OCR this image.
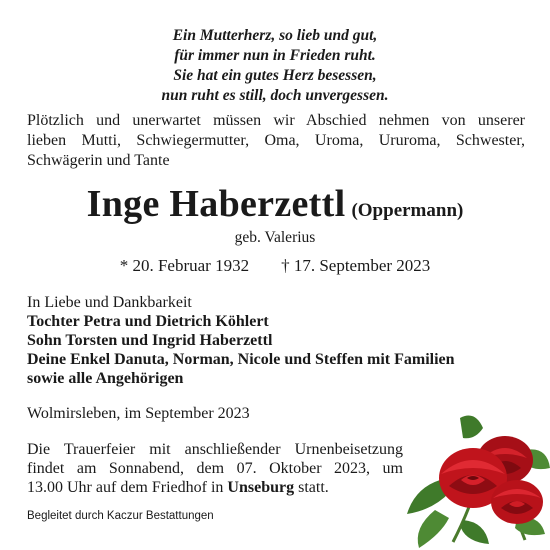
Ein Mutterherz, so lieb und gut,
für immer nun in Frieden ruht.
Sie hat ein gutes Herz besessen,
nun ruht es still, doch unvergessen.
Plötzlich und unerwartet müssen wir Abschied nehmen von unserer
lieben Mutti, Schwiegermutter, Oma, Uroma, Ururoma, Schwester,
Schwägerin und Tante
Inge Haberzettl (Oppermann)
geb. Valerius
* 20. Februar 1932 † 17. September 2023
In Liebe und Dankbarkeit
Tochter Petra und Dietrich Köhlert
Sohn Torsten und Ingrid Haberzettl
Deine Enkel Danuta, Norman, Nicole und Steffen mit Familien
sowie alle Angehörigen
Wolmirsleben, im September 2023
Die Trauerfeier mit anschließender Urnenbeisetzung
findet am Sonnabend, dem 07. Oktober 2023, um
13.00 Uhr auf dem Friedhof in Unseburg statt.
Begleitet durch Kaczur Bestattungen
